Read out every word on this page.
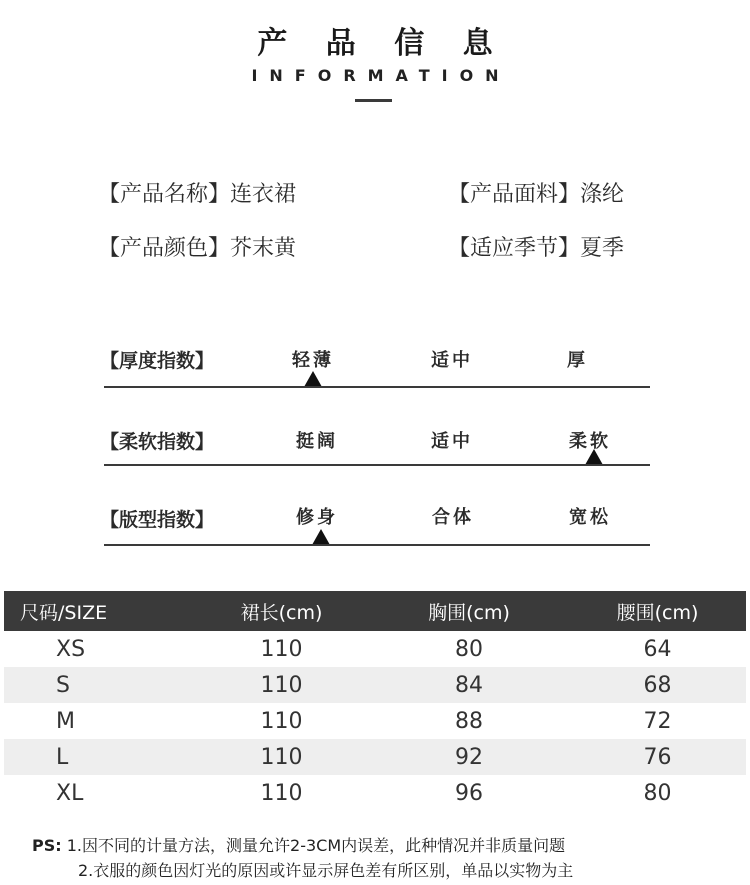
产 品 信 息
INFORMATION
【产品名称】连衣裙	【产品面料】涤纶
【产品颜色】芥末黄	【适应季节】夏季
【厚度指数】	轻薄	适中	厚
【柔软指数】	挺阔	适中	柔软
【版型指数】	修身	合体	宽松
尺码/SIZE	裙长(cm)	胸围(cm)	腰围(cm)
XS	110	80	64
S	110	84	68
M	110	88	72
L	110	92	76
XL	110	96	80
PS: 1.因不同的计量方法，测量允许2-3CM内误差，此种情况并非质量问题
2.衣服的颜色因灯光的原因或许显示屏色差有所区别，单品以实物为主
